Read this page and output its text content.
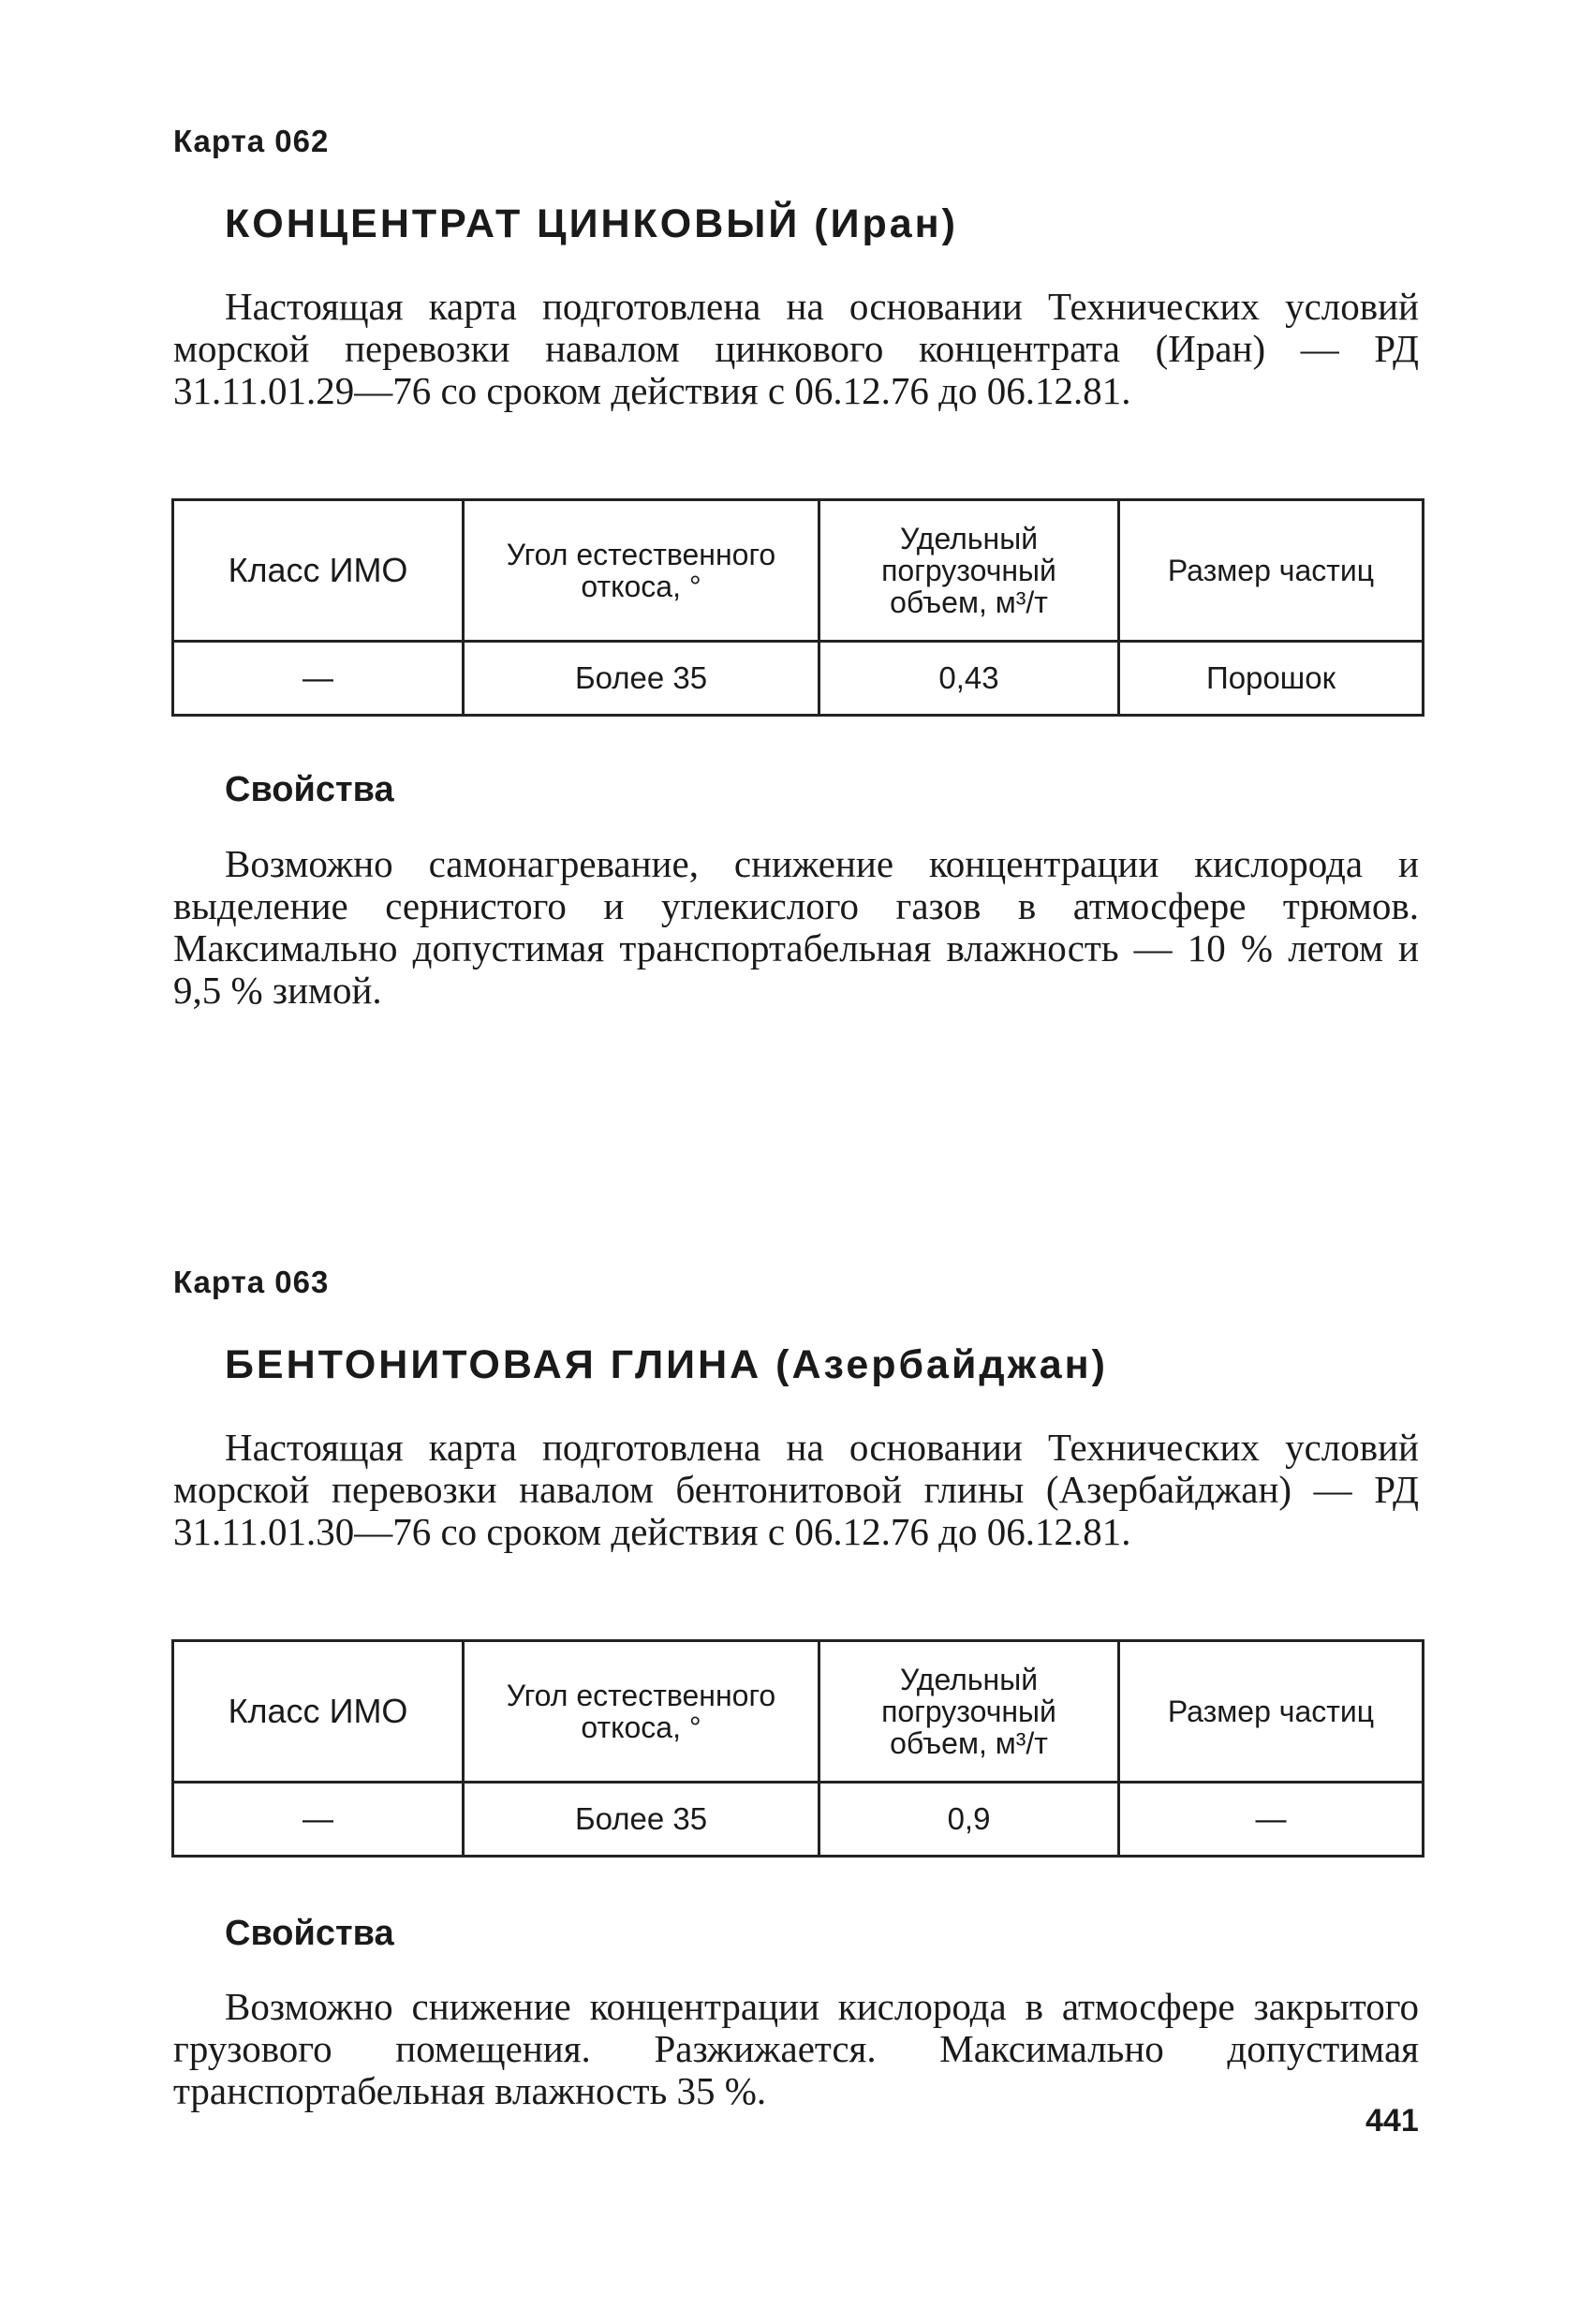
Карта 062
КОНЦЕНТРАТ ЦИНКОВЫЙ (Иран)

Настоящая карта подготовлена на основании Технических условий морской перевозки навалом цинкового концентрата (Иран) — РД 31.11.01.29—76 со сроком действия с 06.12.76 до 06.12.81.

Класс ИМО	Угол естественного откоса, °	Удельный погрузочный объем, м³/т	Размер частиц
—	Более 35	0,43	Порошок
Свойства

Возможно самонагревание, снижение концентрации кислорода и выделение сернистого и углекислого газов в атмосфере трюмов. Максимально допустимая транспортабельная влажность — 10 % летом и 9,5 % зимой.

Карта 063
БЕНТОНИТОВАЯ ГЛИНА (Азербайджан)

Настоящая карта подготовлена на основании Технических условий морской перевозки навалом бентонитовой глины (Азербайджан) — РД 31.11.01.30—76 со сроком действия с 06.12.76 до 06.12.81.

Класс ИМО	Угол естественного откоса, °	Удельный погрузочный объем, м³/т	Размер частиц
—	Более 35	0,9	—
Свойства

Возможно снижение концентрации кислорода в атмосфере закрытого грузового помещения. Разжижается. Максимально допустимая транспортабельная влажность 35 %.

441
